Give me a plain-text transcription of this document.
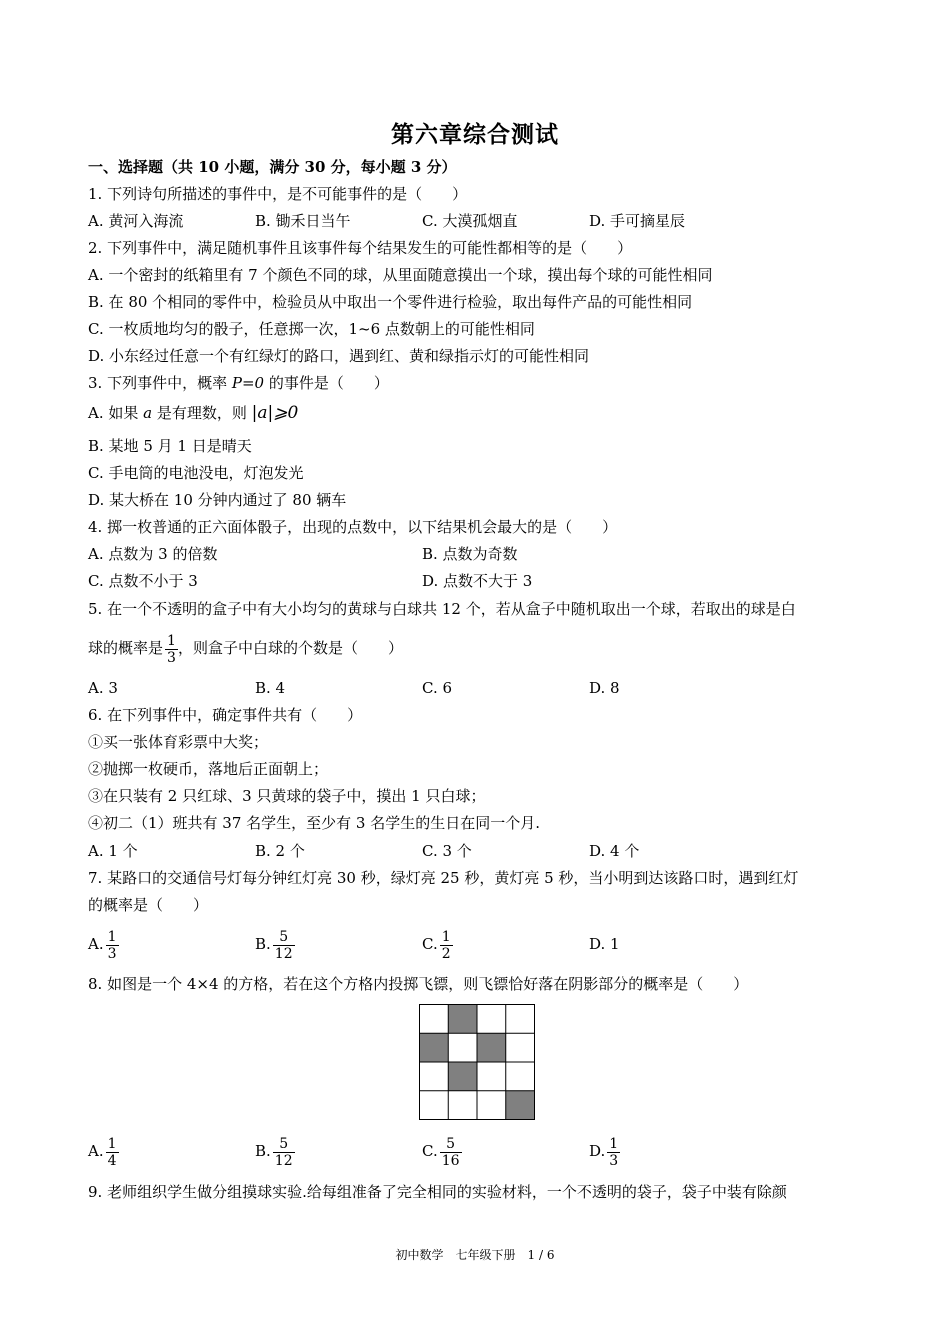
第六章综合测试
一、选择题（共 10 小题，满分 30 分，每小题 3 分）
1. 下列诗句所描述的事件中，是不可能事件的是（　　）
A. 黄河入海流	B. 锄禾日当午	C. 大漠孤烟直	D. 手可摘星辰
2. 下列事件中，满足随机事件且该事件每个结果发生的可能性都相等的是（　　）
A. 一个密封的纸箱里有 7 个颜色不同的球，从里面随意摸出一个球，摸出每个球的可能性相同
B. 在 80 个相同的零件中，检验员从中取出一个零件进行检验，取出每件产品的可能性相同
C. 一枚质地均匀的骰子，任意掷一次，1~6 点数朝上的可能性相同
D. 小东经过任意一个有红绿灯的路口，遇到红、黄和绿指示灯的可能性相同
3. 下列事件中，概率 P=0 的事件是（　　）
A. 如果 a 是有理数，则 |a|⩾0
B. 某地 5 月 1 日是晴天
C. 手电筒的电池没电，灯泡发光
D. 某大桥在 10 分钟内通过了 80 辆车
4. 掷一枚普通的正六面体骰子，出现的点数中，以下结果机会最大的是（　　）
A. 点数为 3 的倍数	B. 点数为奇数
C. 点数不小于 3	D. 点数不大于 3
5. 在一个不透明的盒子中有大小均匀的黄球与白球共 12 个，若从盒子中随机取出一个球，若取出的球是白
球的概率是 $\frac{1}{3}$ ，则盒子中白球的个数是（　　）
A. 3	B. 4	C. 6	D. 8
6. 在下列事件中，确定事件共有（　　）
①买一张体育彩票中大奖；
②抛掷一枚硬币，落地后正面朝上；
③在只装有 2 只红球、3 只黄球的袋子中，摸出 1 只白球；
④初二（1）班共有 37 名学生，至少有 3 名学生的生日在同一个月.
A. 1 个	B. 2 个	C. 3 个	D. 4 个
7. 某路口的交通信号灯每分钟红灯亮 30 秒，绿灯亮 25 秒，黄灯亮 5 秒，当小明到达该路口时，遇到红灯
的概率是（　　）
A. $\frac{1}{3}$	B. $\frac{5}{12}$	C. $\frac{1}{2}$	D. 1
8. 如图是一个 4×4 的方格，若在这个方格内投掷飞镖，则飞镖恰好落在阴影部分的概率是（　　）
A. $\frac{1}{4}$	B. $\frac{5}{12}$	C. $\frac{5}{16}$	D. $\frac{1}{3}$
9. 老师组织学生做分组摸球实验.给每组准备了完全相同的实验材料，一个不透明的袋子，袋子中装有除颜
初中数学　七年级下册　1 / 6
